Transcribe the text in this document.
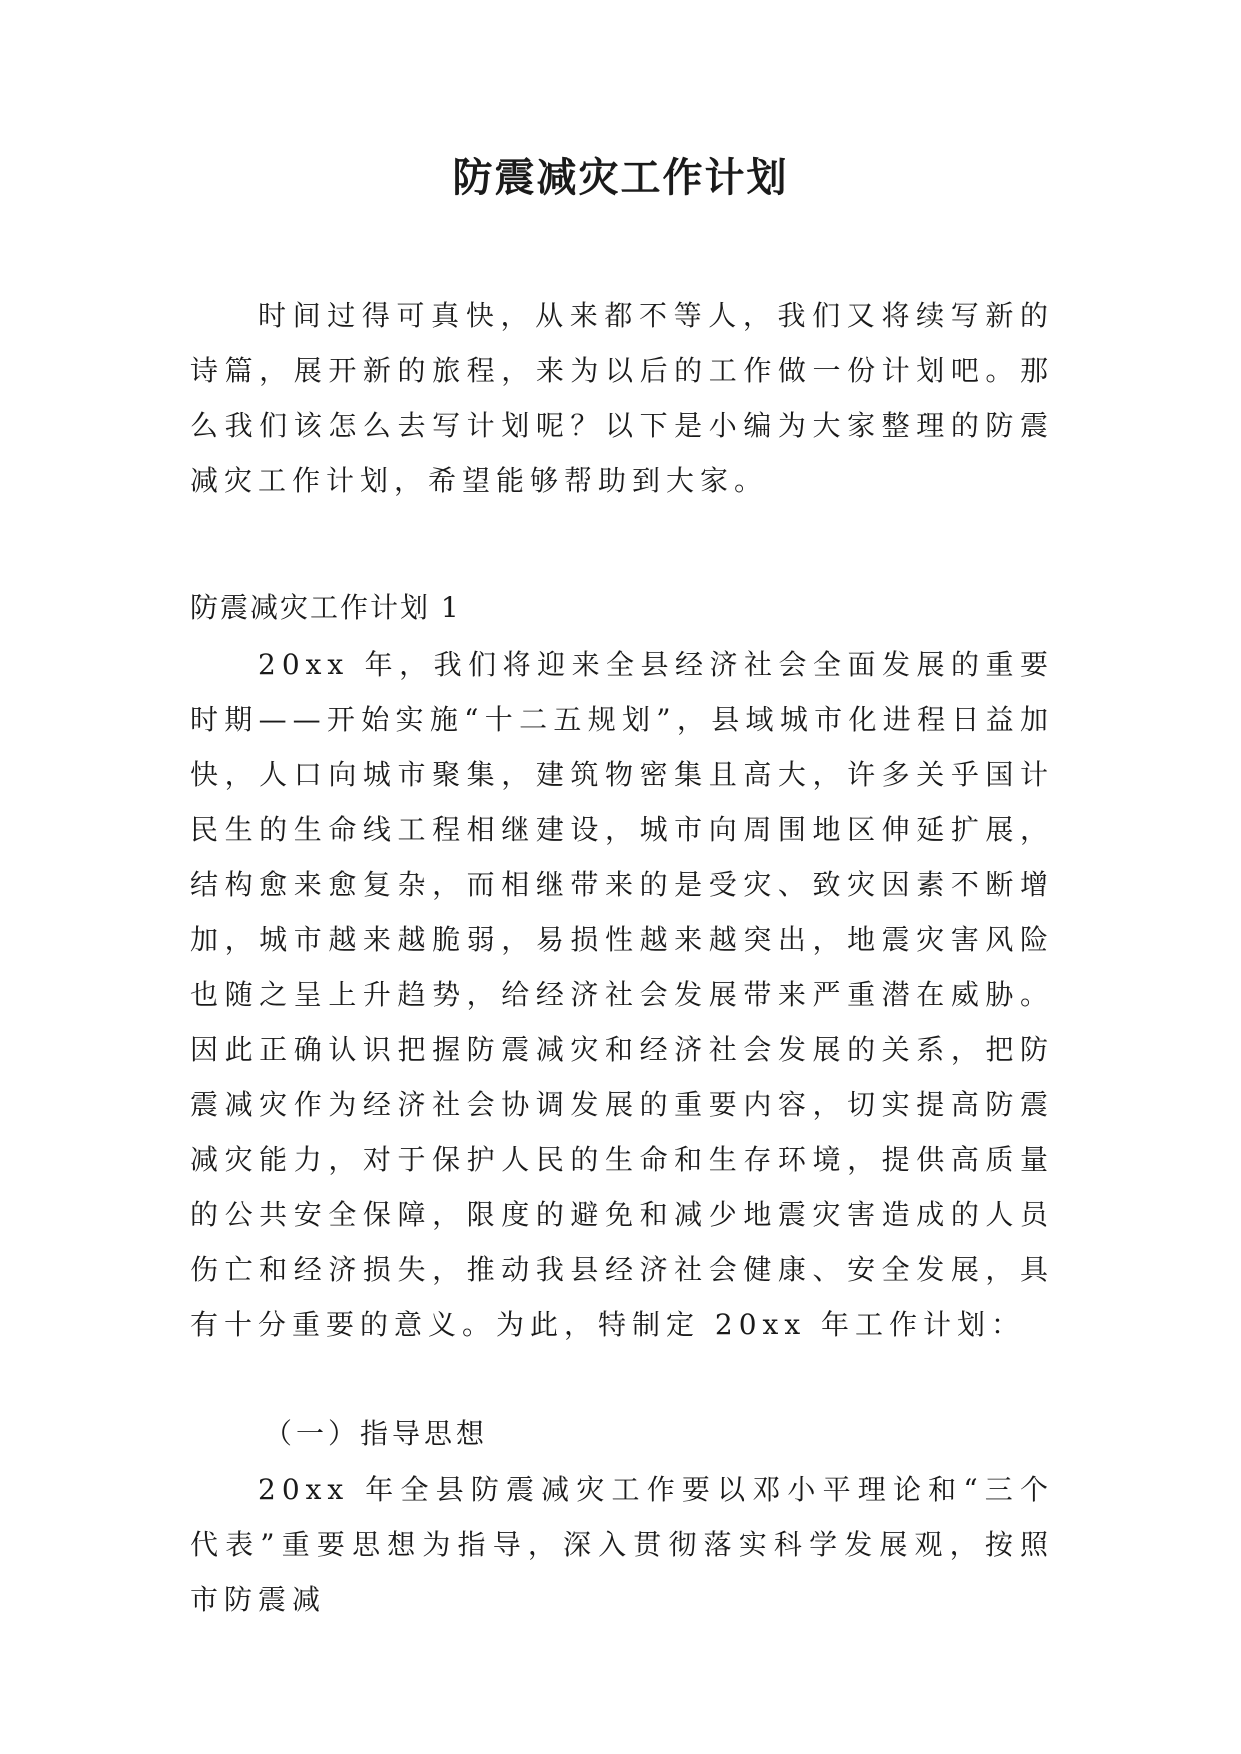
防震减灾工作计划

时间过得可真快，从来都不等人，我们又将续写新的诗篇，展开新的旅程，来为以后的工作做一份计划吧。那么我们该怎么去写计划呢？以下是小编为大家整理的防震减灾工作计划，希望能够帮助到大家。

防震减灾工作计划 1

20xx 年，我们将迎来全县经济社会全面发展的重要时期——开始实施“十二五规划”，县域城市化进程日益加快，人口向城市聚集，建筑物密集且高大，许多关乎国计民生的生命线工程相继建设，城市向周围地区伸延扩展，结构愈来愈复杂，而相继带来的是受灾、致灾因素不断增加，城市越来越脆弱，易损性越来越突出，地震灾害风险也随之呈上升趋势，给经济社会发展带来严重潜在威胁。因此正确认识把握防震减灾和经济社会发展的关系，把防震减灾作为经济社会协调发展的重要内容，切实提高防震减灾能力，对于保护人民的生命和生存环境，提供高质量的公共安全保障，限度的避免和减少地震灾害造成的人员伤亡和经济损失，推动我县经济社会健康、安全发展，具有十分重要的意义。为此，特制定 20xx 年工作计划：

（一）指导思想

20xx 年全县防震减灾工作要以邓小平理论和“三个代表”重要思想为指导，深入贯彻落实科学发展观，按照市防震减
